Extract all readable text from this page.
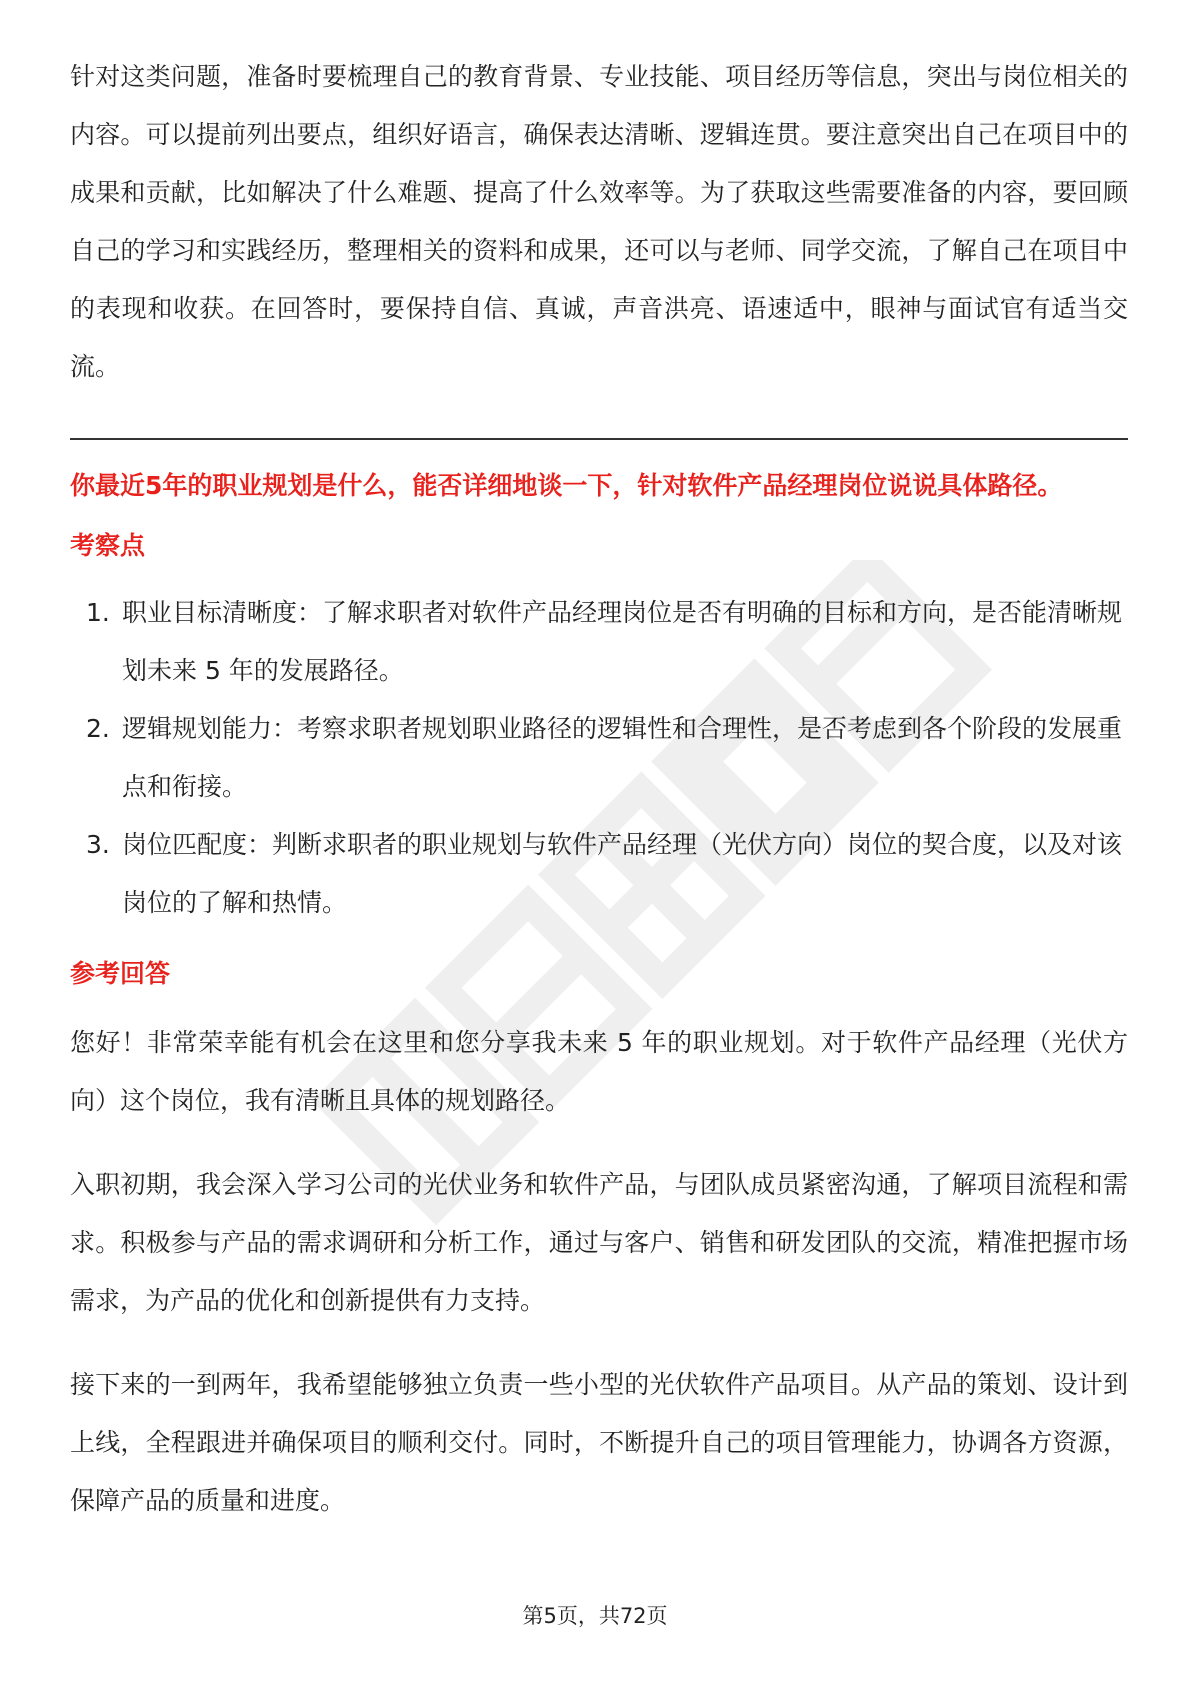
针对这类问题，准备时要梳理自己的教育背景、专业技能、项目经历等信息，突出与岗位相关的内容。可以提前列出要点，组织好语言，确保表达清晰、逻辑连贯。要注意突出自己在项目中的成果和贡献，比如解决了什么难题、提高了什么效率等。为了获取这些需要准备的内容，要回顾自己的学习和实践经历，整理相关的资料和成果，还可以与老师、同学交流，了解自己在项目中的表现和收获。在回答时，要保持自信、真诚，声音洪亮、语速适中，眼神与面试官有适当交流。

你最近5年的职业规划是什么，能否详细地谈一下，针对软件产品经理岗位说说具体路径。

考察点
1. 职业目标清晰度：了解求职者对软件产品经理岗位是否有明确的目标和方向，是否能清晰规划未来 5 年的发展路径。
2. 逻辑规划能力：考察求职者规划职业路径的逻辑性和合理性，是否考虑到各个阶段的发展重点和衔接。
3. 岗位匹配度：判断求职者的职业规划与软件产品经理（光伏方向）岗位的契合度，以及对该岗位的了解和热情。
参考回答

您好！非常荣幸能有机会在这里和您分享我未来 5 年的职业规划。对于软件产品经理（光伏方向）这个岗位，我有清晰且具体的规划路径。

入职初期，我会深入学习公司的光伏业务和软件产品，与团队成员紧密沟通，了解项目流程和需求。积极参与产品的需求调研和分析工作，通过与客户、销售和研发团队的交流，精准把握市场需求，为产品的优化和创新提供有力支持。

接下来的一到两年，我希望能够独立负责一些小型的光伏软件产品项目。从产品的策划、设计到上线，全程跟进并确保项目的顺利交付。同时，不断提升自己的项目管理能力，协调各方资源，保障产品的质量和进度。

第5页，共72页
